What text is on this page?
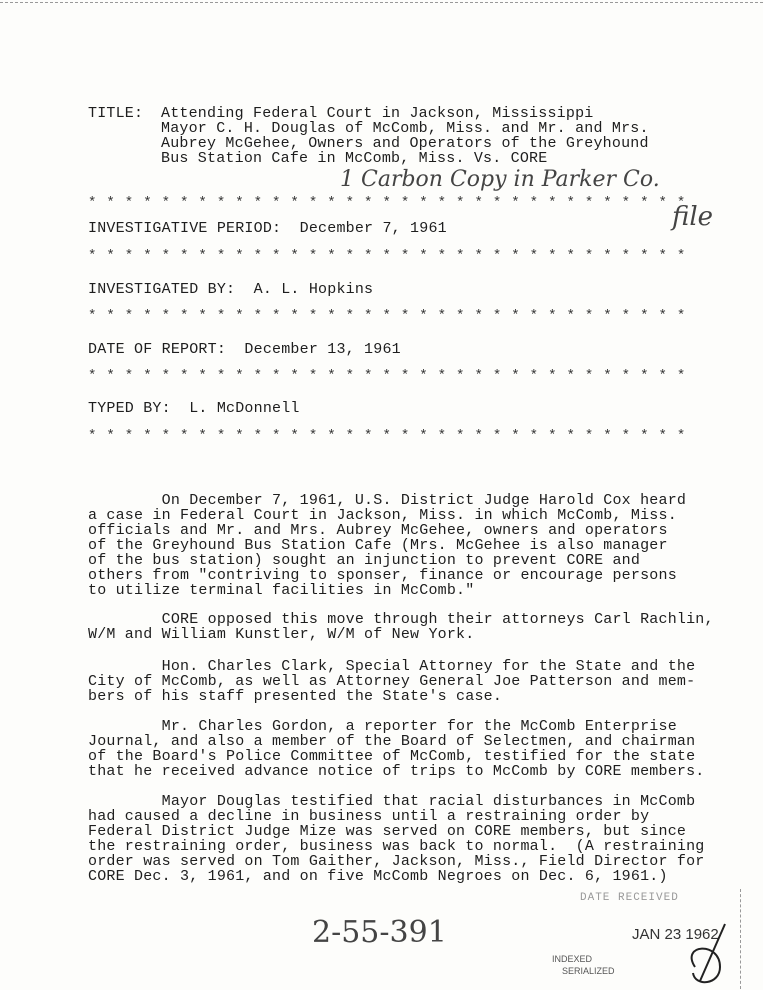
TITLE: Attending Federal Court in Jackson, Mississippi
Mayor C. H. Douglas of McComb, Miss. and Mr. and Mrs.
Aubrey McGehee, Owners and Operators of the Greyhound
Bus Station Cafe in McComb, Miss. Vs. CORE
1 Carbon Copy in Parker Co.
* * * * * * * * * * * * * * * * * * * * * * * * * * * * * * * * *
file
INVESTIGATIVE PERIOD:  December 7, 1961
* * * * * * * * * * * * * * * * * * * * * * * * * * * * * * * * *
INVESTIGATED BY:  A. L. Hopkins
* * * * * * * * * * * * * * * * * * * * * * * * * * * * * * * * *
DATE OF REPORT:  December 13, 1961
* * * * * * * * * * * * * * * * * * * * * * * * * * * * * * * * *
TYPED BY:  L. McDonnell
* * * * * * * * * * * * * * * * * * * * * * * * * * * * * * * * *
On December 7, 1961, U.S. District Judge Harold Cox heard
a case in Federal Court in Jackson, Miss. in which McComb, Miss.
officials and Mr. and Mrs. Aubrey McGehee, owners and operators
of the Greyhound Bus Station Cafe (Mrs. McGehee is also manager
of the bus station) sought an injunction to prevent CORE and
others from "contriving to sponser, finance or encourage persons
to utilize terminal facilities in McComb."
CORE opposed this move through their attorneys Carl Rachlin,
W/M and William Kunstler, W/M of New York.
Hon. Charles Clark, Special Attorney for the State and the
City of McComb, as well as Attorney General Joe Patterson and mem-
bers of his staff presented the State's case.
Mr. Charles Gordon, a reporter for the McComb Enterprise
Journal, and also a member of the Board of Selectmen, and chairman
of the Board's Police Committee of McComb, testified for the state
that he received advance notice of trips to McComb by CORE members.
Mayor Douglas testified that racial disturbances in McComb
had caused a decline in business until a restraining order by
Federal District Judge Mize was served on CORE members, but since
the restraining order, business was back to normal.  (A restraining
order was served on Tom Gaither, Jackson, Miss., Field Director for
CORE Dec. 3, 1961, and on five McComb Negroes on Dec. 6, 1961.)
2-55-391
DATE RECEIVED
JAN 23 1962
INDEXED
SERIALIZED
